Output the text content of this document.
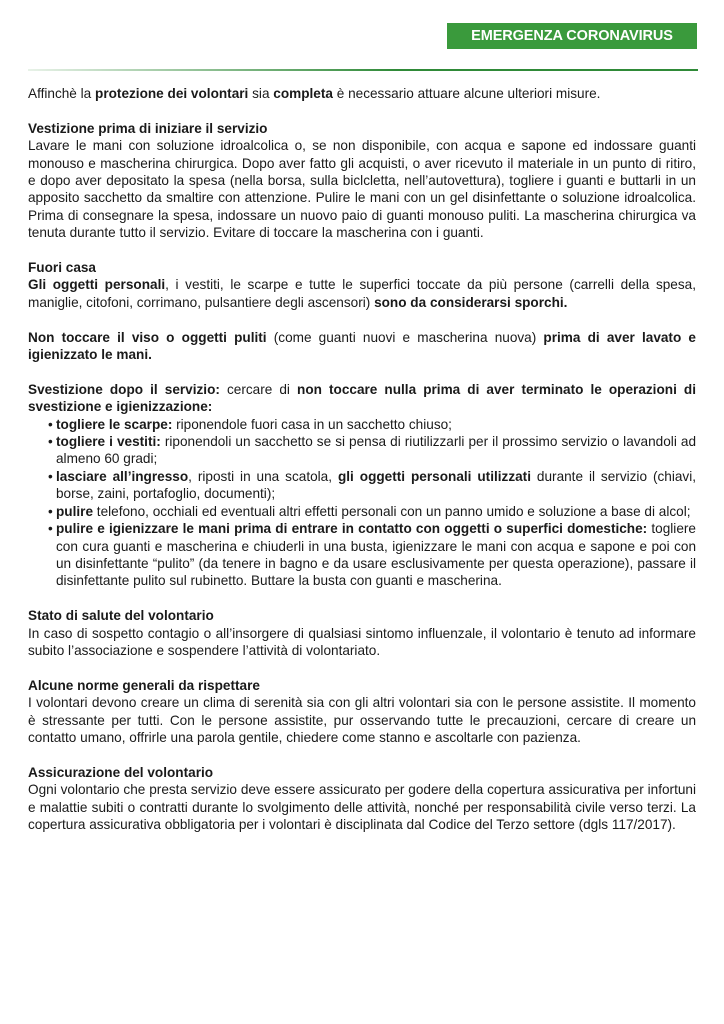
EMERGENZA CORONAVIRUS

Affinchè la protezione dei volontari sia completa è necessario attuare alcune ulteriori misure.

Vestizione prima di iniziare il servizio

Lavare le mani con soluzione idroalcolica o, se non disponibile, con acqua e sapone ed indossare guanti monouso e mascherina chirurgica. Dopo aver fatto gli acquisti, o aver ricevuto il materiale in un punto di ritiro, e dopo aver depositato la spesa (nella borsa, sulla biclcletta, nell’autovettura), togliere i guanti e buttarli in un apposito sacchetto da smaltire con attenzione. Pulire le mani con un gel disinfettante o soluzione idroalcolica. Prima di consegnare la spesa, indossare un nuovo paio di guanti monouso puliti. La mascherina chirurgica va tenuta durante tutto il servizio. Evitare di toccare la mascherina con i guanti.

Fuori casa

Gli oggetti personali, i vestiti, le scarpe e tutte le superfici toccate da più persone (carrelli della spesa, maniglie, citofoni, corrimano, pulsantiere degli ascensori) sono da considerarsi sporchi.

Non toccare il viso o oggetti puliti (come guanti nuovi e mascherina nuova) prima di aver lavato e igienizzato le mani.

Svestizione dopo il servizio: cercare di non toccare nulla prima di aver terminato le operazioni di svestizione e igienizzazione:

• togliere le scarpe: riponendole fuori casa in un sacchetto chiuso;
• togliere i vestiti: riponendoli un sacchetto se si pensa di riutilizzarli per il prossimo servizio o lavandoli ad almeno 60 gradi;
• lasciare all’ingresso, riposti in una scatola, gli oggetti personali utilizzati durante il servizio (chiavi, borse, zaini, portafoglio, documenti);
• pulire telefono, occhiali ed eventuali altri effetti personali con un panno umido e soluzione a base di alcol;
• pulire e igienizzare le mani prima di entrare in contatto con oggetti o superfici domestiche: togliere con cura guanti e mascherina e chiuderli in una busta, igienizzare le mani con acqua e sapone e poi con un disinfettante “pulito” (da tenere in bagno e da usare esclusivamente per questa operazione), passare il disinfettante pulito sul rubinetto. Buttare la busta con guanti e mascherina.

Stato di salute del volontario

In caso di sospetto contagio o all’insorgere di qualsiasi sintomo influenzale, il volontario è tenuto ad informare subito l’associazione e sospendere l’attività di volontariato.

Alcune norme generali da rispettare

I volontari devono creare un clima di serenità sia con gli altri volontari sia con le persone assistite. Il momento è stressante per tutti. Con le persone assistite, pur osservando tutte le precauzioni, cercare di creare un contatto umano, offrirle una parola gentile, chiedere come stanno e ascoltarle con pazienza.

Assicurazione del volontario

Ogni volontario che presta servizio deve essere assicurato per godere della copertura assicurativa per infortuni e malattie subiti o contratti durante lo svolgimento delle attività, nonché per responsabilità civile verso terzi. La copertura assicurativa obbligatoria per i volontari è disciplinata dal Codice del Terzo settore (dgls 117/2017).
